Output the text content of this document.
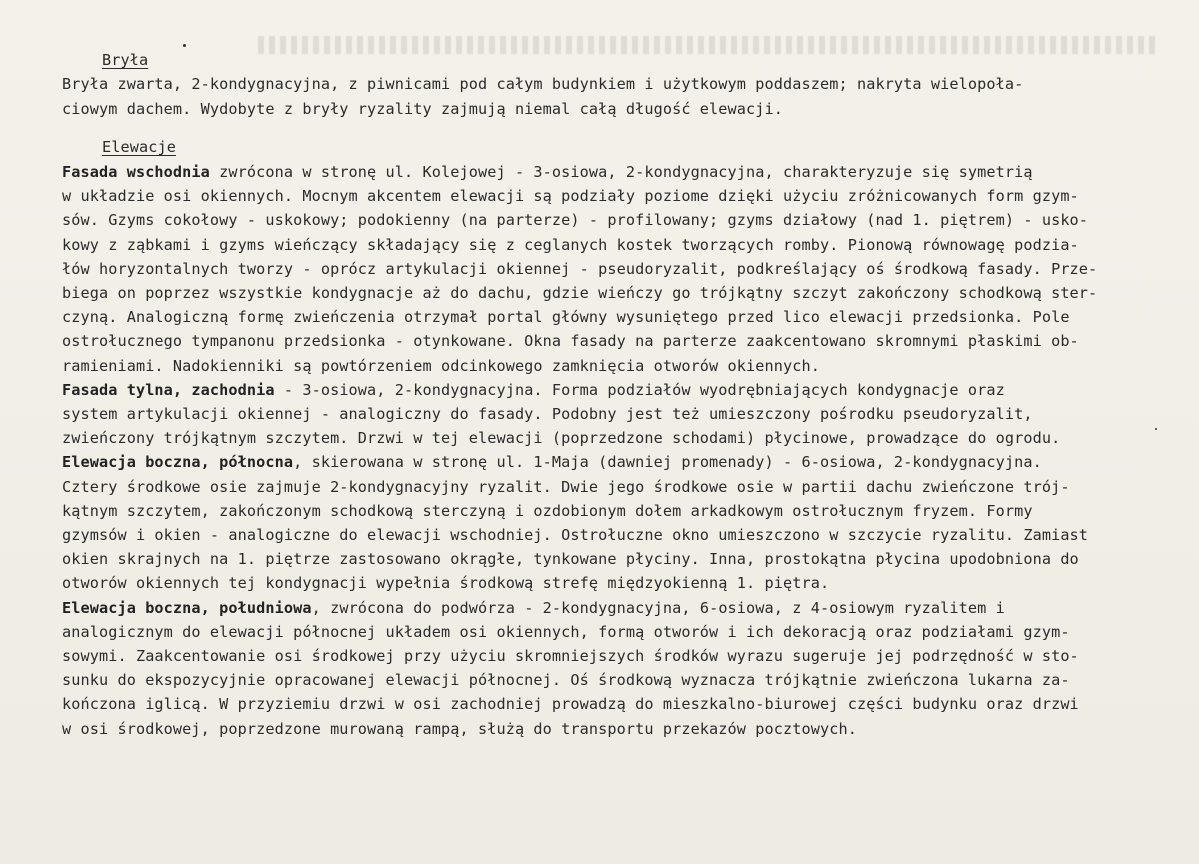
Bryła
Bryła zwarta, 2-kondygnacyjna, z piwnicami pod całym budynkiem i użytkowym poddaszem; nakryta wielopoła-
ciowym dachem. Wydobyte z bryły ryzality zajmują niemal całą długość elewacji.
Elewacje
Fasada wschodnia zwrócona w stronę ul. Kolejowej - 3-osiowa, 2-kondygnacyjna, charakteryzuje się symetrią
w układzie osi okiennych. Mocnym akcentem elewacji są podziały poziome dzięki użyciu zróżnicowanych form gzym-
sów. Gzyms cokołowy - uskokowy; podokienny (na parterze) - profilowany; gzyms działowy (nad 1. piętrem) - usko-
kowy z ząbkami i gzyms wieńczący składający się z ceglanych kostek tworzących romby. Pionową równowagę podzia-
łów horyzontalnych tworzy - oprócz artykulacji okiennej - pseudoryzalit, podkreślający oś środkową fasady. Prze-
biega on poprzez wszystkie kondygnacje aż do dachu, gdzie wieńczy go trójkątny szczyt zakończony schodkową ster-
czyną. Analogiczną formę zwieńczenia otrzymał portal główny wysuniętego przed lico elewacji przedsionka. Pole
ostrołucznego tympanonu przedsionka - otynkowane. Okna fasady na parterze zaakcentowano skromnymi płaskimi ob-
ramieniami. Nadokienniki są powtórzeniem odcinkowego zamknięcia otworów okiennych.
Fasada tylna, zachodnia - 3-osiowa, 2-kondygnacyjna. Forma podziałów wyodrębniających kondygnacje oraz
system artykulacji okiennej - analogiczny do fasady. Podobny jest też umieszczony pośrodku pseudoryzalit,
zwieńczony trójkątnym szczytem. Drzwi w tej elewacji (poprzedzone schodami) płycinowe, prowadzące do ogrodu.
Elewacja boczna, północna, skierowana w stronę ul. 1-Maja (dawniej promenady) - 6-osiowa, 2-kondygnacyjna.
Cztery środkowe osie zajmuje 2-kondygnacyjny ryzalit. Dwie jego środkowe osie w partii dachu zwieńczone trój-
kątnym szczytem, zakończonym schodkową sterczyną i ozdobionym dołem arkadkowym ostrołucznym fryzem. Formy
gzymsów i okien - analogiczne do elewacji wschodniej. Ostrołuczne okno umieszczono w szczycie ryzalitu. Zamiast
okien skrajnych na 1. piętrze zastosowano okrągłe, tynkowane płyciny. Inna, prostokątna płycina upodobniona do
otworów okiennych tej kondygnacji wypełnia środkową strefę międzyokienną 1. piętra.
Elewacja boczna, południowa, zwrócona do podwórza - 2-kondygnacyjna, 6-osiowa, z 4-osiowym ryzalitem i
analogicznym do elewacji północnej układem osi okiennych, formą otworów i ich dekoracją oraz podziałami gzym-
sowymi. Zaakcentowanie osi środkowej przy użyciu skromniejszych środków wyrazu sugeruje jej podrzędność w sto-
sunku do ekspozycyjnie opracowanej elewacji północnej. Oś środkową wyznacza trójkątnie zwieńczona lukarna za-
kończona iglicą. W przyziemiu drzwi w osi zachodniej prowadzą do mieszkalno-biurowej części budynku oraz drzwi
w osi środkowej, poprzedzone murowaną rampą, służą do transportu przekazów pocztowych.
